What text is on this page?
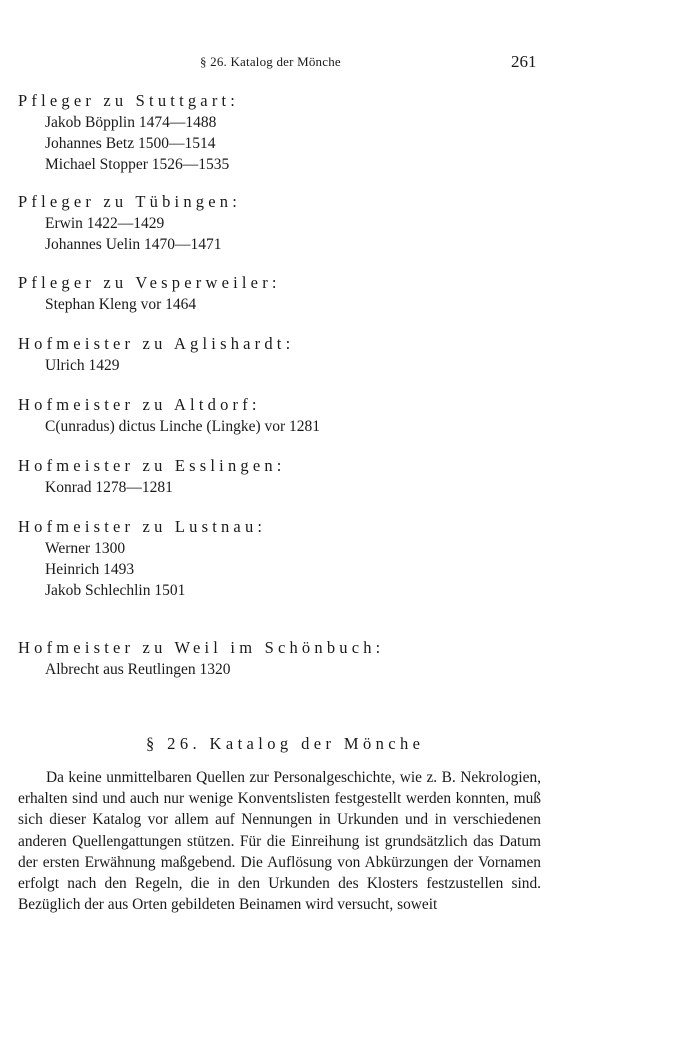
§ 26. Katalog der Mönche	261
Pfleger zu Stuttgart:
Jakob Böpplin 1474—1488
Johannes Betz 1500—1514
Michael Stopper 1526—1535
Pfleger zu Tübingen:
Erwin 1422—1429
Johannes Uelin 1470—1471
Pfleger zu Vesperweiler:
Stephan Kleng vor 1464
Hofmeister zu Aglishardt:
Ulrich 1429
Hofmeister zu Altdorf:
C(unradus) dictus Linche (Lingke) vor 1281
Hofmeister zu Esslingen:
Konrad 1278—1281
Hofmeister zu Lustnau:
Werner 1300
Heinrich 1493
Jakob Schlechlin 1501
Hofmeister zu Weil im Schönbuch:
Albrecht aus Reutlingen 1320
§ 26. Katalog der Mönche

Da keine unmittelbaren Quellen zur Personalgeschichte, wie z. B. Nekrologien, erhalten sind und auch nur wenige Konventslisten festgestellt werden konnten, muß sich dieser Katalog vor allem auf Nennungen in Urkunden und in verschiedenen anderen Quellengattungen stützen. Für die Einreihung ist grundsätzlich das Datum der ersten Erwähnung maßgebend. Die Auflösung von Abkürzungen der Vornamen erfolgt nach den Regeln, die in den Urkunden des Klosters festzustellen sind. Bezüglich der aus Orten gebildeten Beinamen wird versucht, soweit
